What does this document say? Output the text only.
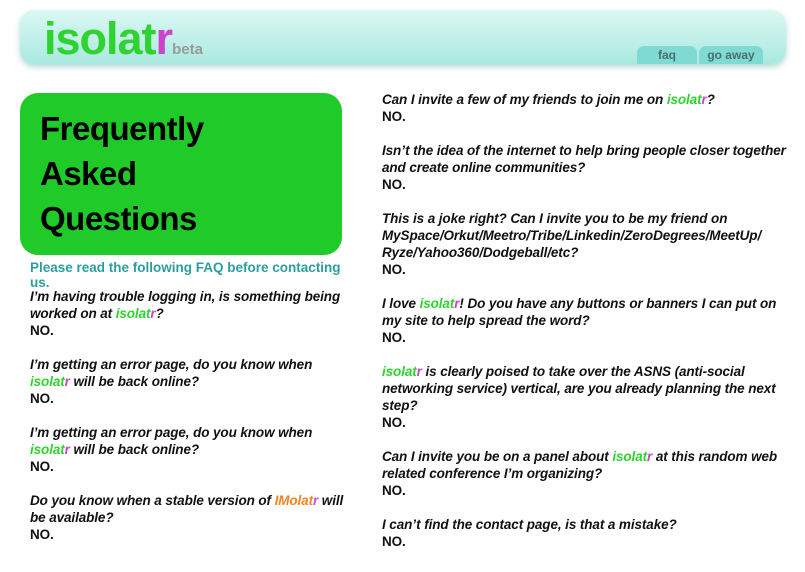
isolatrbeta	faq	go away
Frequently
Asked
Questions
Please read the following FAQ before contacting us.

I’m having trouble logging in, is something being worked on at isolatr?

NO.

I’m getting an error page, do you know when isolatr will be back online?

NO.

I’m getting an error page, do you know when isolatr will be back online?

NO.

Do you know when a stable version of IMolatr will be available?

NO.

Can I invite a few of my friends to join me on isolatr?

NO.

Isn’t the idea of the internet to help bring people closer together and create online communities?

NO.

This is a joke right? Can I invite you to be my friend on MySpace/​Orkut/​Meetro/​Tribe/​Linkedin/​ZeroDegrees/​MeetUp/​Ryze/​Yahoo360/​Dodgeball/​etc?

NO.

I love isolatr! Do you have any buttons or banners I can put on my site to help spread the word?

NO.

isolatr is clearly poised to take over the ASNS (anti-social networking service) vertical, are you already planning the next step?

NO.

Can I invite you be on a panel about isolatr at this random web related conference I’m organizing?

NO.

I can’t find the contact page, is that a mistake?

NO.
